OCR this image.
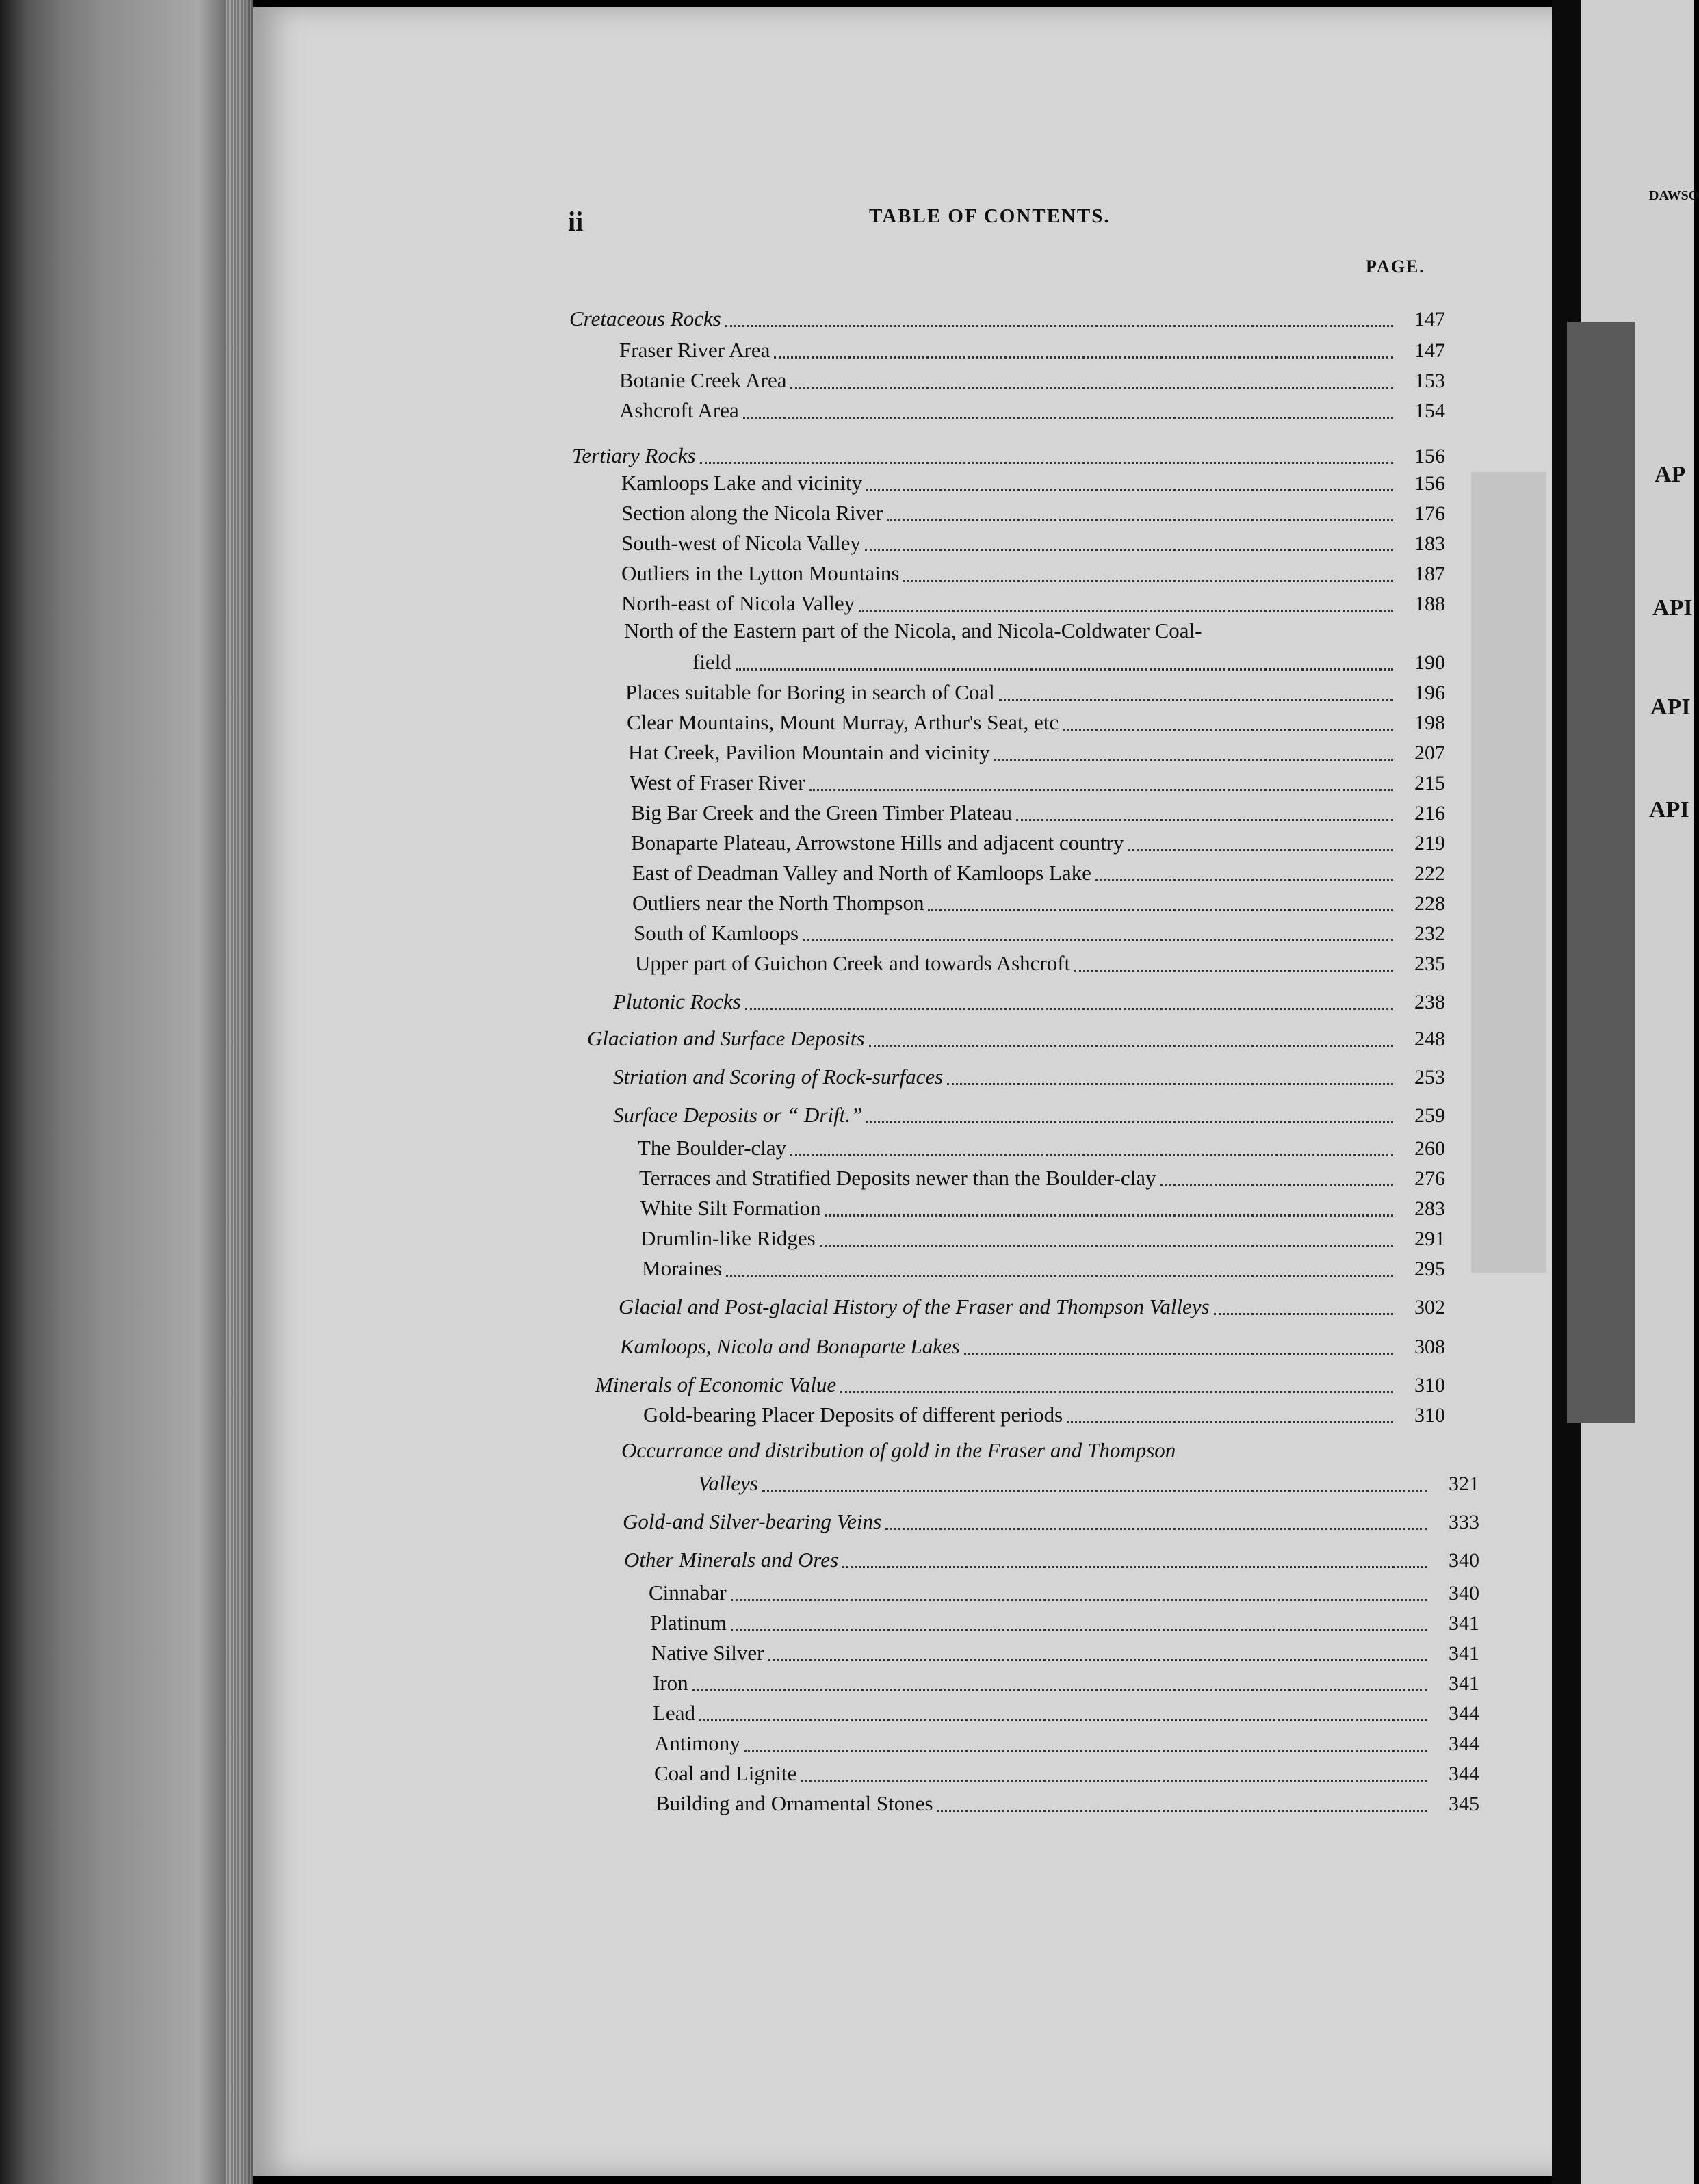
DAWSO
AP
API
API
API
ii	TABLE OF CONTENTS.
PAGE.
Cretaceous Rocks	147
Fraser River Area	147
Botanie Creek Area	153
Ashcroft Area	154
Tertiary Rocks	156
Kamloops Lake and vicinity	156
Section along the Nicola River	176
South-west of Nicola Valley	183
Outliers in the Lytton Mountains	187
North-east of Nicola Valley	188
North of the Eastern part of the Nicola, and Nicola-Coldwater Coal-
field	190
Places suitable for Boring in search of Coal	196
Clear Mountains, Mount Murray, Arthur's Seat, etc	198
Hat Creek, Pavilion Mountain and vicinity	207
West of Fraser River	215
Big Bar Creek and the Green Timber Plateau	216
Bonaparte Plateau, Arrowstone Hills and adjacent country	219
East of Deadman Valley and North of Kamloops Lake	222
Outliers near the North Thompson	228
South of Kamloops	232
Upper part of Guichon Creek and towards Ashcroft	235
Plutonic Rocks	238
Glaciation and Surface Deposits	248
Striation and Scoring of Rock-surfaces	253
Surface Deposits or “ Drift.”	259
The Boulder-clay	260
Terraces and Stratified Deposits newer than the Boulder-clay	276
White Silt Formation	283
Drumlin-like Ridges	291
Moraines	295
Glacial and Post-glacial History of the Fraser and Thompson Valleys	302
Kamloops, Nicola and Bonaparte Lakes	308
Minerals of Economic Value	310
Gold-bearing Placer Deposits of different periods	310
Occurrance and distribution of gold in the Fraser and Thompson
Valleys	321
Gold-and Silver-bearing Veins	333
Other Minerals and Ores	340
Cinnabar	340
Platinum	341
Native Silver	341
Iron	341
Lead	344
Antimony	344
Coal and Lignite	344
Building and Ornamental Stones	345
